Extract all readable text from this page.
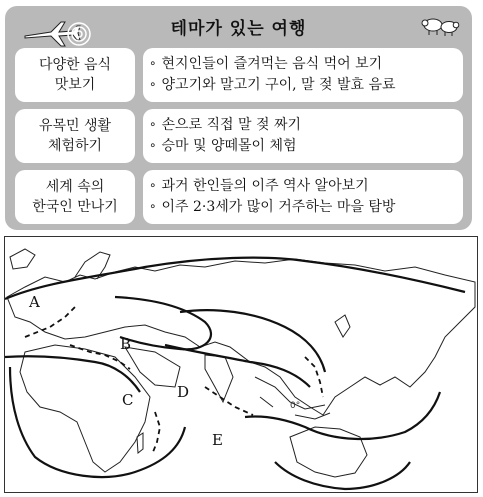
테마가 있는 여행
다양한 음식
맛보기
∘ 현지인들이 즐겨먹는 음식 먹어 보기
∘ 양고기와 말고기 구이, 말 젖 발효 음료
유목민 생활
체험하기
∘ 손으로 직접 말 젖 짜기
∘ 승마 및 양떼몰이 체험
세계 속의
한국인 만나기
∘ 과거 한인들의 이주 역사 알아보기
∘ 이주 2·3세가 많이 거주하는 마을 탐방
A
B
C	D
E
0°
